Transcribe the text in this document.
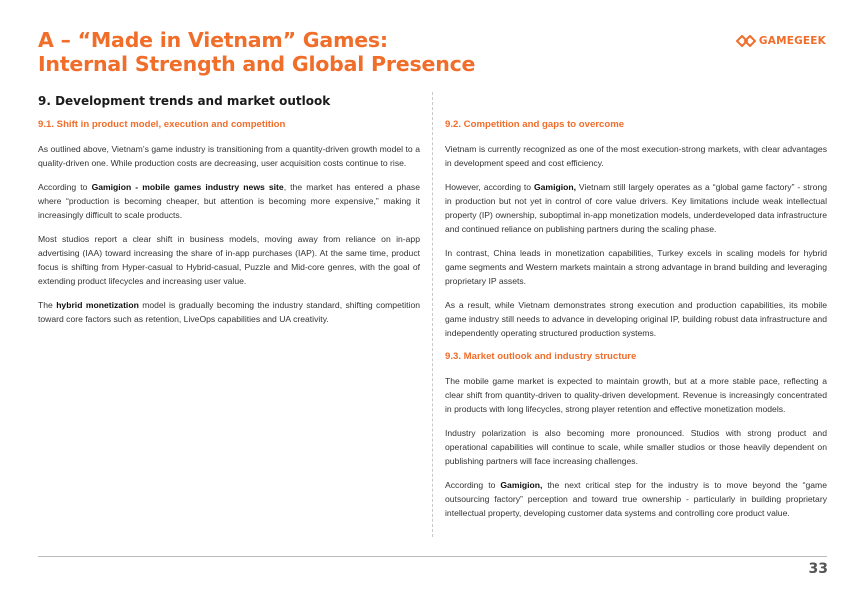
A – “Made in Vietnam” Games:
Internal Strength and Global Presence
GAMEGEEK
9. Development trends and market outlook
9.1. Shift in product model, execution and competition

As outlined above, Vietnam’s game industry is transitioning from a quantity-driven growth model to a quality-driven one. While production costs are decreasing, user acquisition costs continue to rise.

According to Gamigion - mobile games industry news site, the market has entered a phase where “production is becoming cheaper, but attention is becoming more expensive,” making it increasingly difficult to scale products.

Most studios report a clear shift in business models, moving away from reliance on in-app advertising (IAA) toward increasing the share of in-app purchases (IAP). At the same time, product focus is shifting from Hyper-casual to Hybrid-casual, Puzzle and Mid-core genres, with the goal of extending product lifecycles and increasing user value.

The hybrid monetization model is gradually becoming the industry standard, shifting competition toward core factors such as retention, LiveOps capabilities and UA creativity.

9.2. Competition and gaps to overcome

Vietnam is currently recognized as one of the most execution-strong markets, with clear advantages in development speed and cost efficiency.

However, according to Gamigion, Vietnam still largely operates as a “global game factory” - strong in production but not yet in control of core value drivers. Key limitations include weak intellectual property (IP) ownership, suboptimal in-app monetization models, underdeveloped data infrastructure and continued reliance on publishing partners during the scaling phase.

In contrast, China leads in monetization capabilities, Turkey excels in scaling models for hybrid game segments and Western markets maintain a strong advantage in brand building and leveraging proprietary IP assets.

As a result, while Vietnam demonstrates strong execution and production capabilities, its mobile game industry still needs to advance in developing original IP, building robust data infrastructure and independently operating structured production systems.

9.3. Market outlook and industry structure

The mobile game market is expected to maintain growth, but at a more stable pace, reflecting a clear shift from quantity-driven to quality-driven development. Revenue is increasingly concentrated in products with long lifecycles, strong player retention and effective monetization models.

Industry polarization is also becoming more pronounced. Studios with strong product and operational capabilities will continue to scale, while smaller studios or those heavily dependent on publishing partners will face increasing challenges.

According to Gamigion, the next critical step for the industry is to move beyond the “game outsourcing factory” perception and toward true ownership - particularly in building proprietary intellectual property, developing customer data systems and controlling core product value.

33
